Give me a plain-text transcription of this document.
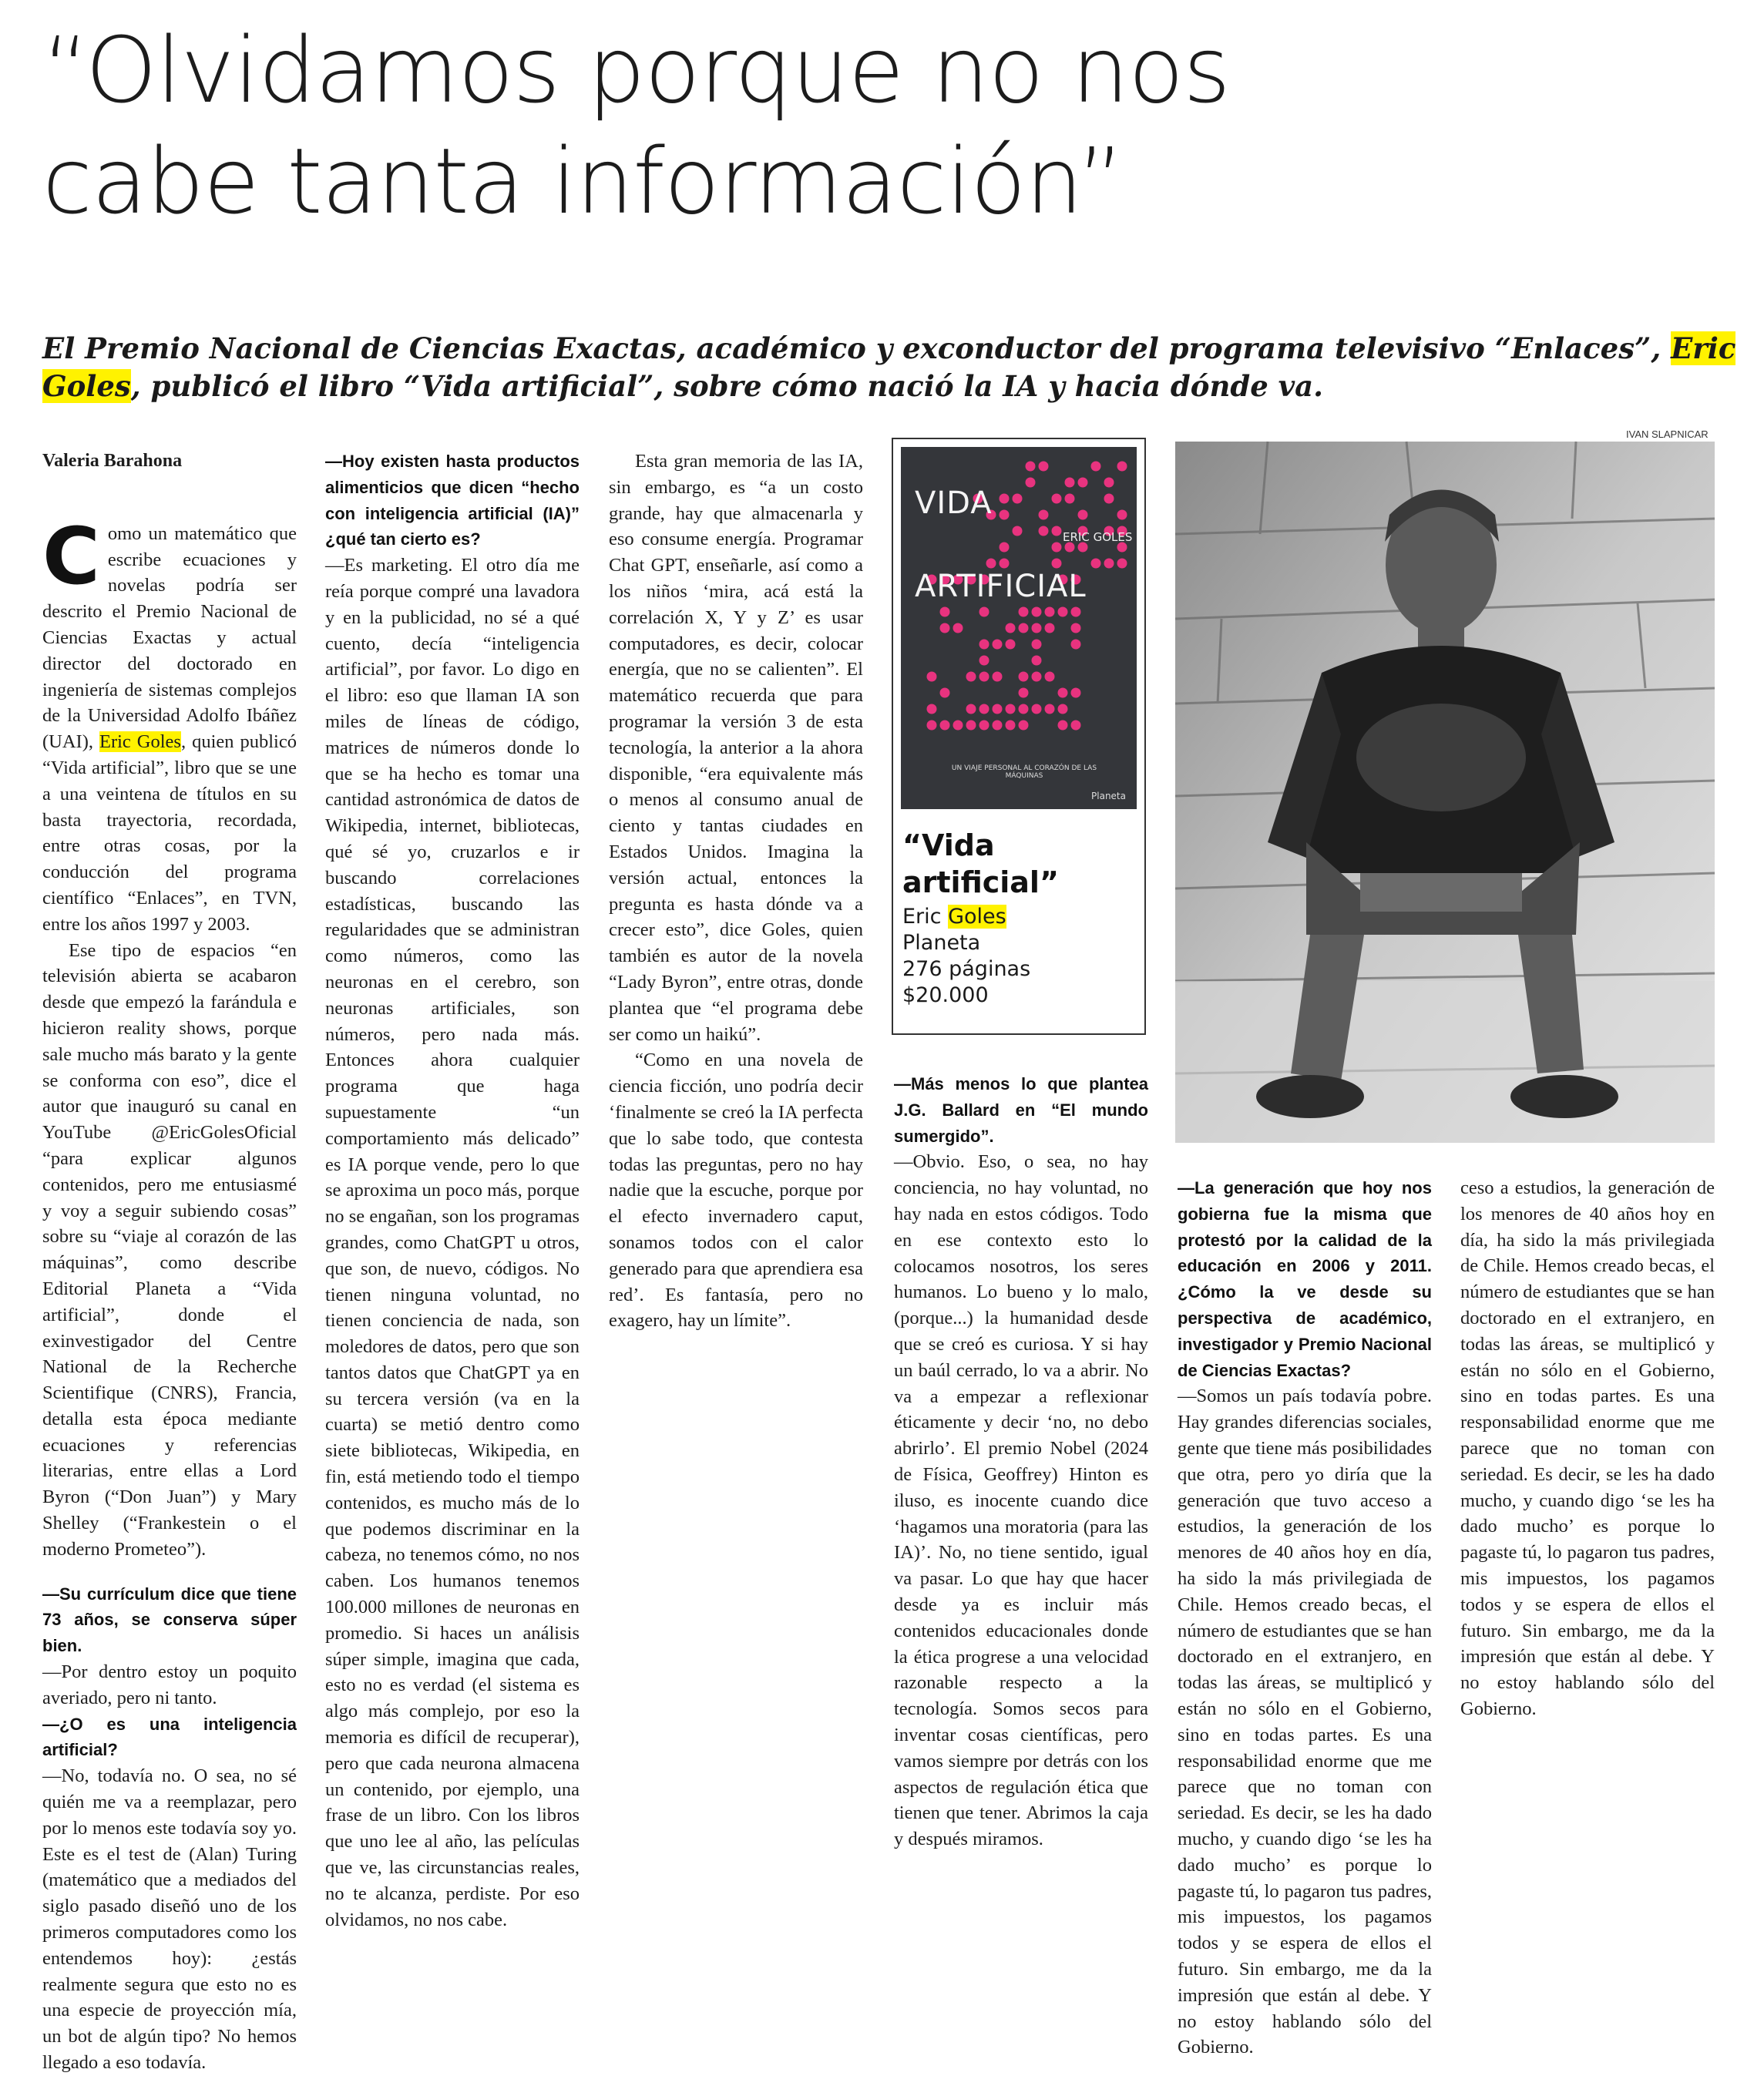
“Olvidamos porque no nos
cabe tanta información”

El Premio Nacional de Ciencias Exactas, académico y exconductor del programa televisivo “Enlaces”, Eric Goles, publicó el libro “Vida artificial”, sobre cómo nació la IA y hacia dónde va.

Valeria Barahona

Como un matemático que escribe ecuaciones y novelas podría ser descrito el Premio Nacional de Ciencias Exactas y actual director del doctorado en ingeniería de sistemas complejos de la Universidad Adolfo Ibáñez (UAI), Eric Goles, quien publicó “Vida artificial”, libro que se une a una veintena de títulos en su basta trayectoria, recordada, entre otras cosas, por la conducción del programa científico “Enlaces”, en TVN, entre los años 1997 y 2003.

Ese tipo de espacios “en televisión abierta se acabaron desde que empezó la farándula e hicieron reality shows, porque sale mucho más barato y la gente se conforma con eso”, dice el autor que inauguró su canal en YouTube @EricGolesOficial “para explicar algunos contenidos, pero me entusiasmé y voy a seguir subiendo cosas” sobre su “viaje al corazón de las máquinas”, como describe Editorial Planeta a “Vida artificial”, donde el exinvestigador del Centre National de la Recherche Scientifique (CNRS), Francia, detalla esta época mediante ecuaciones y referencias literarias, entre ellas a Lord Byron (“Don Juan”) y Mary Shelley (“Frankestein o el moderno Prometeo”).

—Su currículum dice que tiene 73 años, se conserva súper bien.

—Por dentro estoy un poquito averiado, pero ni tanto.

—¿O es una inteligencia artificial?

—No, todavía no. O sea, no sé quién me va a reemplazar, pero por lo menos este todavía soy yo. Este es el test de (Alan) Turing (matemático que a mediados del siglo pasado diseñó uno de los primeros computadores como los entendemos hoy): ¿estás realmente segura que esto no es una especie de proyección mía, un bot de algún tipo? No hemos llegado a eso todavía.

—Hoy existen hasta productos alimenticios que dicen “hecho con inteligencia artificial (IA)” ¿qué tan cierto es?

—Es marketing. El otro día me reía porque compré una lavadora y en la publicidad, no sé a qué cuento, decía “inteligencia artificial”, por favor. Lo digo en el libro: eso que llaman IA son miles de líneas de código, matrices de números donde lo que se ha hecho es tomar una cantidad astronómica de datos de Wikipedia, internet, bibliotecas, qué sé yo, cruzarlos e ir buscando correlaciones estadísticas, buscando las regularidades que se administran como números, como las neuronas en el cerebro, son neuronas artificiales, son números, pero nada más. Entonces ahora cualquier programa que haga supuestamente “un comportamiento más delicado” es IA porque vende, pero lo que se aproxima un poco más, porque no se engañan, son los programas grandes, como ChatGPT u otros, que son, de nuevo, códigos. No tienen ninguna voluntad, no tienen conciencia de nada, son moledores de datos, pero que son tantos datos que ChatGPT ya en su tercera versión (va en la cuarta) se metió dentro como siete bibliotecas, Wikipedia, en fin, está metiendo todo el tiempo contenidos, es mucho más de lo que podemos discriminar en la cabeza, no tenemos cómo, no nos caben. Los humanos tenemos 100.000 millones de neuronas en promedio. Si haces un análisis súper simple, imagina que cada, esto no es verdad (el sistema es algo más complejo, por eso la memoria es difícil de recuperar), pero que cada neurona almacena un contenido, por ejemplo, una frase de un libro. Con los libros que uno lee al año, las películas que ve, las circunstancias reales, no te alcanza, perdiste. Por eso olvidamos, no nos cabe.

Esta gran memoria de las IA, sin embargo, es “a un costo grande, hay que almacenarla y eso consume energía. Programar Chat GPT, enseñarle, así como a los niños ‘mira, acá está la correlación X, Y y Z’ es usar computadores, es decir, colocar energía, que no se calienten”. El matemático recuerda que para programar la versión 3 de esta tecnología, la anterior a la ahora disponible, “era equivalente más o menos al consumo anual de ciento y tantas ciudades en Estados Unidos. Imagina la versión actual, entonces la pregunta es hasta dónde va a crecer esto”, dice Goles, quien también es autor de la novela “Lady Byron”, entre otras, donde plantea que “el programa debe ser como un haikú”.

“Como en una novela de ciencia ficción, uno podría decir ‘finalmente se creó la IA perfecta que lo sabe todo, que contesta todas las preguntas, pero no hay nadie que la escuche, porque por el efecto invernadero caput, sonamos todos con el calor generado para que aprendiera esa red’. Es fantasía, pero no exagero, hay un límite”.

—Más menos lo que plantea J.G. Ballard en “El mundo sumergido”.

—Obvio. Eso, o sea, no hay conciencia, no hay voluntad, no hay nada en estos códigos. Todo en ese contexto esto lo colocamos nosotros, los seres humanos. Lo bueno y lo malo, (porque...) la humanidad desde que se creó es curiosa. Y si hay un baúl cerrado, lo va a abrir. No va a empezar a reflexionar éticamente y decir ‘no, no debo abrirlo’. El premio Nobel (2024 de Física, Geoffrey) Hinton es iluso, es inocente cuando dice ‘hagamos una moratoria (para las IA)’. No, no tiene sentido, igual va pasar. Lo que hay que hacer desde ya es incluir más contenidos educacionales donde la ética progrese a una velocidad razonable respecto a la tecnología. Somos secos para inventar cosas científicas, pero vamos siempre por detrás con los aspectos de regulación ética que tienen que tener. Abrimos la caja y después miramos.

—La generación que hoy nos gobierna fue la misma que protestó por la calidad de la educación en 2006 y 2011. ¿Cómo la ve desde su perspectiva de académico, investigador y Premio Nacional de Ciencias Exactas?

—Somos un país todavía pobre. Hay grandes diferencias sociales, gente que tiene más posibilidades que otra, pero yo diría que la generación que tuvo acceso a estudios, la generación de los menores de 40 años hoy en día, ha sido la más privilegiada de Chile. Hemos creado becas, el número de estudiantes que se han doctorado en el extranjero, en todas las áreas, se multiplicó y están no sólo en el Gobierno, sino en todas partes. Es una responsabilidad enorme que me parece que no toman con seriedad. Es decir, se les ha dado mucho, y cuando digo ‘se les ha dado mucho’ es porque lo pagaste tú, lo pagaron tus padres, mis impuestos, los pagamos todos y se espera de ellos el futuro. Sin embargo, me da la impresión que están al debe. Y no estoy hablando sólo del Gobierno.

ceso a estudios, la generación de los menores de 40 años hoy en día, ha sido la más privilegiada de Chile. Hemos creado becas, el número de estudiantes que se han doctorado en el extranjero, en todas las áreas, se multiplicó y están no sólo en el Gobierno, sino en todas partes. Es una responsabilidad enorme que me parece que no toman con seriedad. Es decir, se les ha dado mucho, y cuando digo ‘se les ha dado mucho’ es porque lo pagaste tú, lo pagaron tus padres, mis impuestos, los pagamos todos y se espera de ellos el futuro. Sin embargo, me da la impresión que están al debe. Y no estoy hablando sólo del Gobierno.

VIDA
ERIC GOLES
ARTIFICIAL
UN VIAJE PERSONAL AL CORAZÓN DE LAS MÁQUINAS
Planeta
“Vida artificial”
Eric Goles
Planeta
276 páginas
$20.000
IVAN SLAPNICAR
